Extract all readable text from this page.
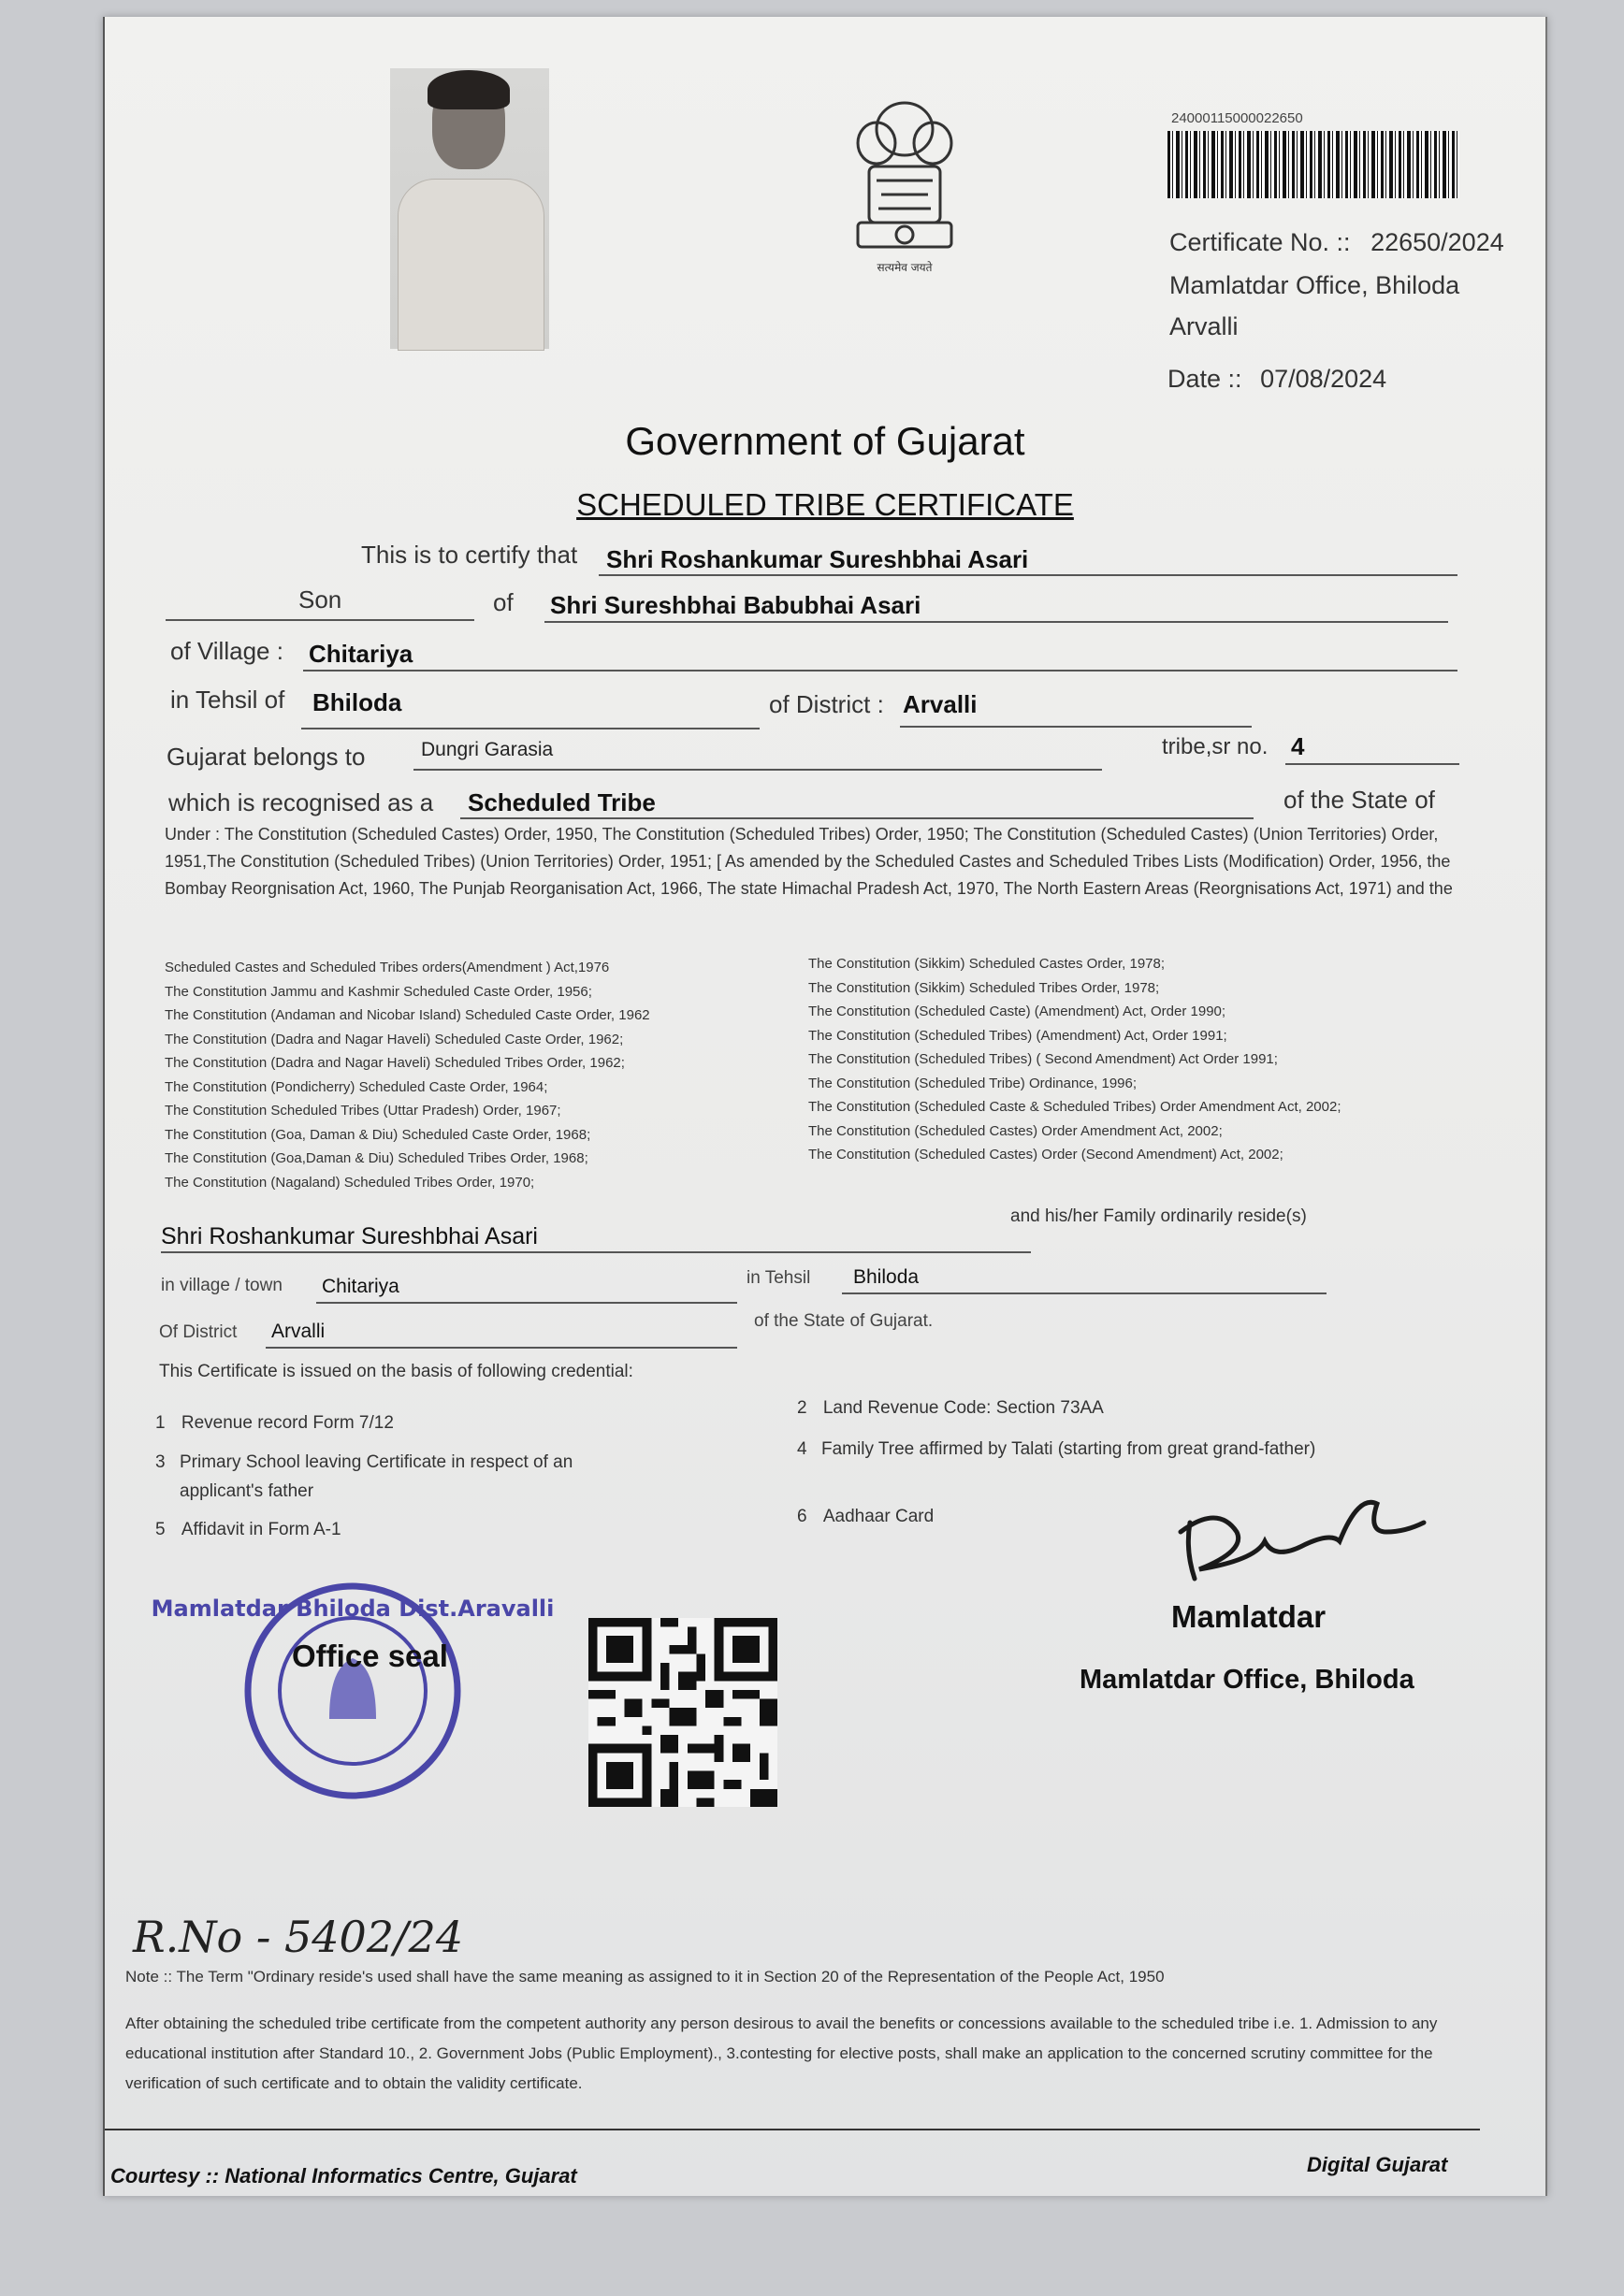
सत्यमेव जयते
24000115000022650
Certificate No. :: 22650/2024
Mamlatdar Office, Bhiloda
Arvalli
Date :: 07/08/2024
Government of Gujarat
SCHEDULED TRIBE CERTIFICATE
This is to certify that Shri Roshankumar Sureshbhai Asari
Son	of Shri Sureshbhai Babubhai Asari
of Village : Chitariya
in Tehsil of Bhiloda	of District : Arvalli
Gujarat belongs to	Dungri Garasia	tribe,sr no. 4
which is recognised as a Scheduled Tribe	of the State of
Under : The Constitution (Scheduled Castes) Order, 1950, The Constitution (Scheduled Tribes) Order, 1950; The Constitution (Scheduled Castes) (Union Territories) Order, 1951,The Constitution (Scheduled Tribes) (Union Territories) Order, 1951; [ As amended by the Scheduled Castes and Scheduled Tribes Lists (Modification) Order, 1956, the Bombay Reorgnisation Act, 1960, The Punjab Reorganisation Act, 1966, The state Himachal Pradesh Act, 1970, The North Eastern Areas (Reorgnisations Act, 1971) and the
Scheduled Castes and Scheduled Tribes orders(Amendment ) Act,1976
The Constitution Jammu and Kashmir Scheduled Caste Order, 1956;
The Constitution (Andaman and Nicobar Island) Scheduled Caste Order, 1962
The Constitution (Dadra and Nagar Haveli) Scheduled Caste Order, 1962;
The Constitution (Dadra and Nagar Haveli) Scheduled Tribes Order, 1962;
The Constitution (Pondicherry) Scheduled Caste Order, 1964;
The Constitution Scheduled Tribes (Uttar Pradesh) Order, 1967;
The Constitution (Goa, Daman & Diu) Scheduled Caste Order, 1968;
The Constitution (Goa,Daman & Diu) Scheduled Tribes Order, 1968;
The Constitution (Nagaland) Scheduled Tribes Order, 1970;
The Constitution (Sikkim) Scheduled Castes Order, 1978;
The Constitution (Sikkim) Scheduled Tribes Order, 1978;
The Constitution (Scheduled Caste) (Amendment) Act, Order 1990;
The Constitution (Scheduled Tribes) (Amendment) Act, Order 1991;
The Constitution (Scheduled Tribes) ( Second Amendment) Act Order 1991;
The Constitution (Scheduled Tribe) Ordinance, 1996;
The Constitution (Scheduled Caste & Scheduled Tribes) Order Amendment Act, 2002;
The Constitution (Scheduled Castes) Order Amendment Act, 2002;
The Constitution (Scheduled Castes) Order (Second Amendment) Act, 2002;
Shri Roshankumar Sureshbhai Asari
and his/her Family ordinarily reside(s)
in village / town Chitariya	in Tehsil Bhiloda
Of District Arvalli	of the State of Gujarat.
This Certificate is issued on the basis of following credential:
1 Revenue record Form 7/12
2 Land Revenue Code: Section 73AA
3 Primary School leaving Certificate in respect of an applicant's father
4 Family Tree affirmed by Talati (starting from great grand-father)
5 Affidavit in Form A-1
6 Aadhaar Card
Mamlatdar
Mamlatdar Office, Bhiloda
Mamlatdar Bhiloda Dist.Aravalli
Office seal
R.No - 5402/24
Note :: The Term "Ordinary reside's used shall have the same meaning as assigned to it in Section 20 of the Representation of the People Act, 1950
After obtaining the scheduled tribe certificate from the competent authority any person desirous to avail the benefits or concessions available to the scheduled tribe i.e. 1. Admission to any educational institution after Standard 10., 2. Government Jobs (Public Employment)., 3.contesting for elective posts, shall make an application to the concerned scrutiny committee for the verification of such certificate and to obtain the validity certificate.
Courtesy :: National Informatics Centre, Gujarat	Digital Gujarat
